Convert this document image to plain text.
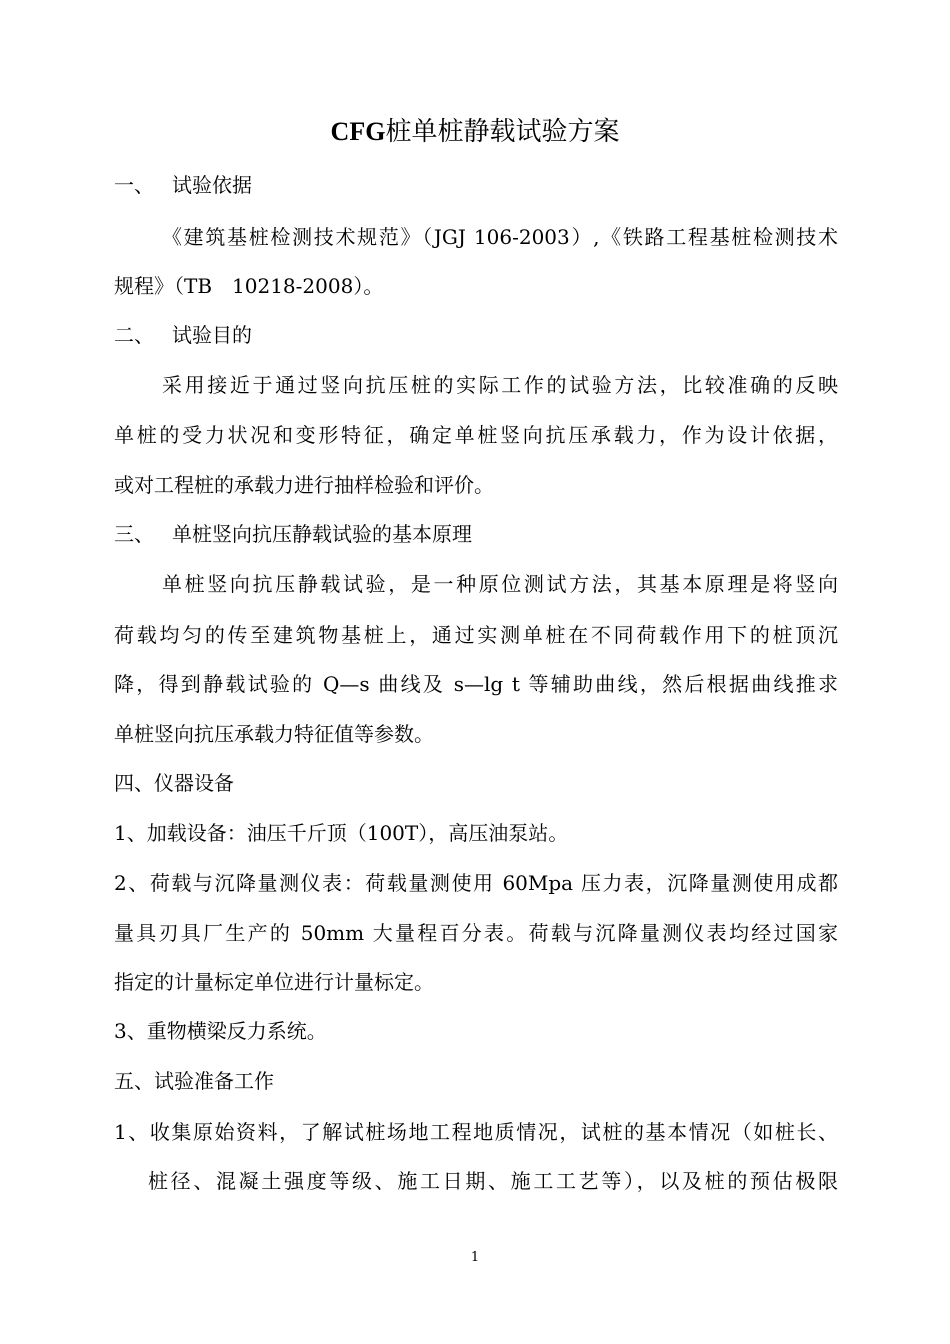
CFG桩单桩静载试验方案
一、 试验依据
《建筑基桩检测技术规范》（JGJ 106-2003）,《铁路工程基桩检测技术
规程》（TB　10218-2008）。
二、 试验目的
采用接近于通过竖向抗压桩的实际工作的试验方法，比较准确的反映
单桩的受力状况和变形特征，确定单桩竖向抗压承载力，作为设计依据，
或对工程桩的承载力进行抽样检验和评价。
三、 单桩竖向抗压静载试验的基本原理
单桩竖向抗压静载试验，是一种原位测试方法，其基本原理是将竖向
荷载均匀的传至建筑物基桩上，通过实测单桩在不同荷载作用下的桩顶沉
降，得到静载试验的 Q—s 曲线及 s—lg t 等辅助曲线，然后根据曲线推求
单桩竖向抗压承载力特征值等参数。
四、仪器设备
1、加载设备：油压千斤顶（100T），高压油泵站。
2、荷载与沉降量测仪表：荷载量测使用 60Mpa 压力表，沉降量测使用成都
量具刃具厂生产的 50mm 大量程百分表。荷载与沉降量测仪表均经过国家
指定的计量标定单位进行计量标定。
3、重物横梁反力系统。
五、试验准备工作
1、收集原始资料，了解试桩场地工程地质情况，试桩的基本情况（如桩长、
桩径、混凝土强度等级、施工日期、施工工艺等），以及桩的预估极限
1
